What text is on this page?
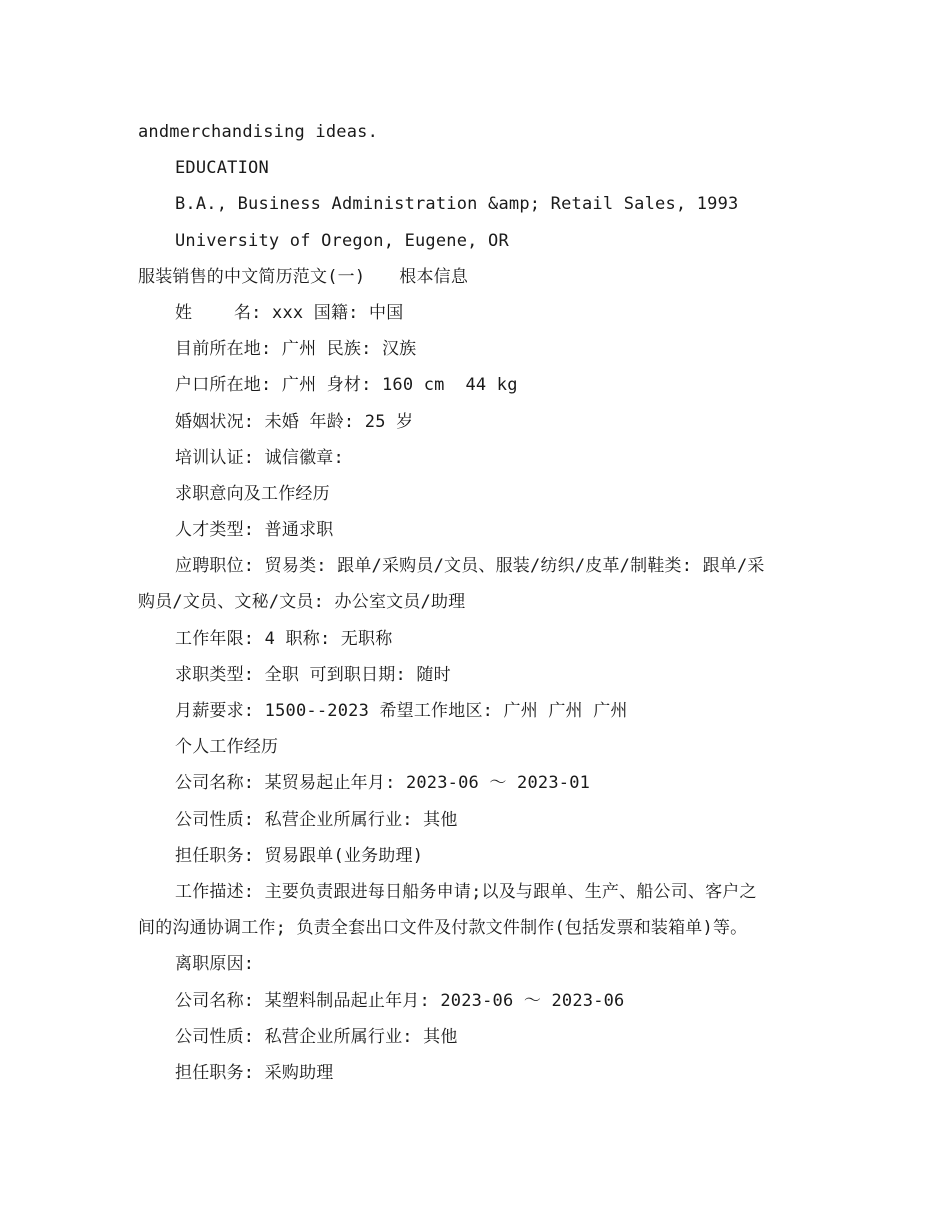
andmerchandising ideas.
EDUCATION
B.A., Business Administration &amp; Retail Sales, 1993
University of Oregon, Eugene, OR
服装销售的中文简历范文(一) 根本信息
姓    名: xxx 国籍: 中国
目前所在地: 广州 民族: 汉族
户口所在地: 广州 身材: 160 cm  44 kg
婚姻状况: 未婚 年龄: 25 岁
培训认证: 诚信徽章:
求职意向及工作经历
人才类型: 普通求职
应聘职位: 贸易类: 跟单/采购员/文员、服装/纺织/皮革/制鞋类: 跟单/采
购员/文员、文秘/文员: 办公室文员/助理
工作年限: 4 职称: 无职称
求职类型: 全职 可到职日期: 随时
月薪要求: 1500--2023 希望工作地区: 广州 广州 广州
个人工作经历
公司名称: 某贸易起止年月: 2023-06 ～ 2023-01
公司性质: 私营企业所属行业: 其他
担任职务: 贸易跟单(业务助理)
工作描述: 主要负责跟进每日船务申请;以及与跟单、生产、船公司、客户之
间的沟通协调工作; 负责全套出口文件及付款文件制作(包括发票和装箱单)等。
离职原因:
公司名称: 某塑料制品起止年月: 2023-06 ～ 2023-06
公司性质: 私营企业所属行业: 其他
担任职务: 采购助理
